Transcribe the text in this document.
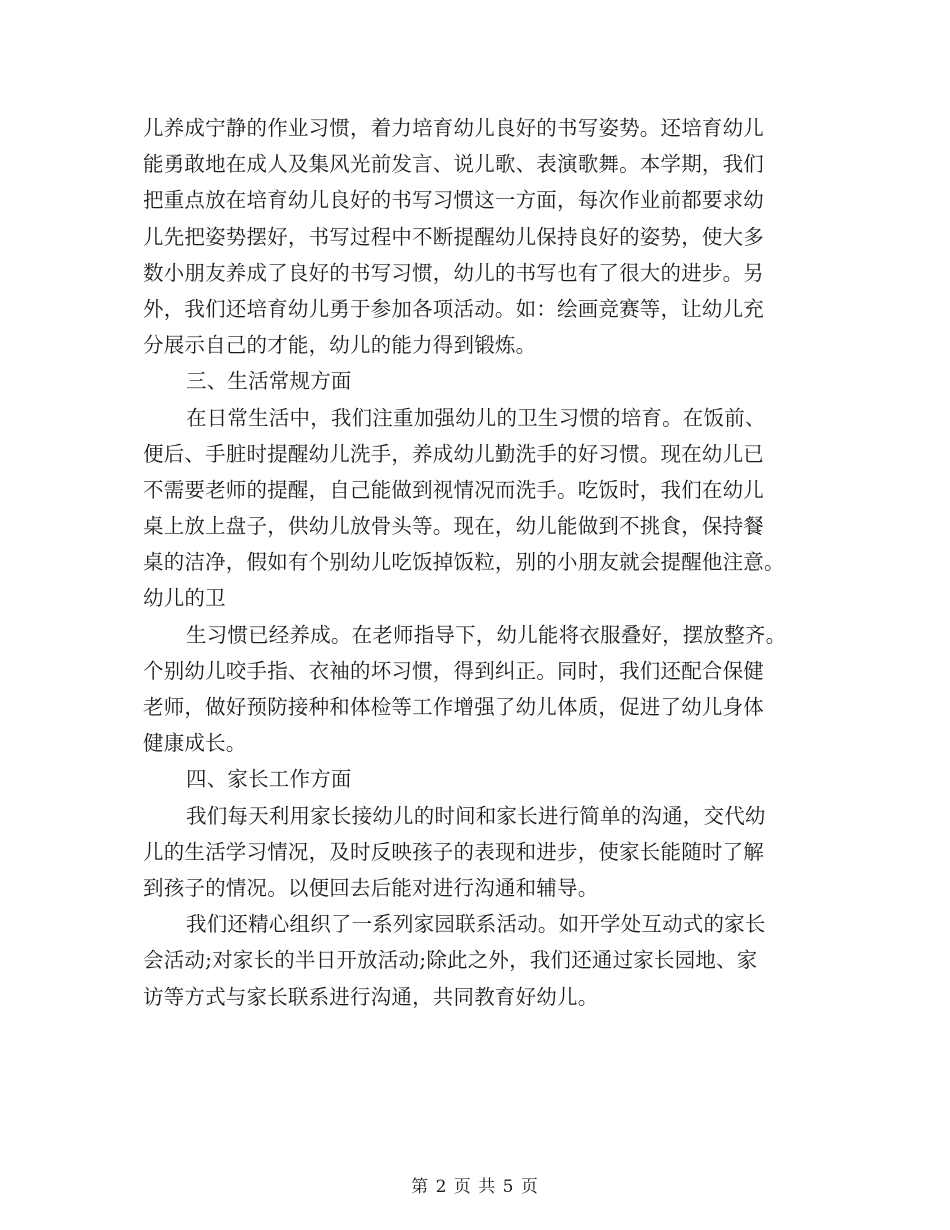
儿养成宁静的作业习惯，着力培育幼儿良好的书写姿势。还培育幼儿
能勇敢地在成人及集风光前发言、说儿歌、表演歌舞。本学期，我们
把重点放在培育幼儿良好的书写习惯这一方面，每次作业前都要求幼
儿先把姿势摆好，书写过程中不断提醒幼儿保持良好的姿势，使大多
数小朋友养成了良好的书写习惯，幼儿的书写也有了很大的进步。另
外，我们还培育幼儿勇于参加各项活动。如：绘画竞赛等，让幼儿充
分展示自己的才能，幼儿的能力得到锻炼。
三、生活常规方面
在日常生活中，我们注重加强幼儿的卫生习惯的培育。在饭前、
便后、手脏时提醒幼儿洗手，养成幼儿勤洗手的好习惯。现在幼儿已
不需要老师的提醒，自己能做到视情况而洗手。吃饭时，我们在幼儿
桌上放上盘子，供幼儿放骨头等。现在，幼儿能做到不挑食，保持餐
桌的洁净，假如有个别幼儿吃饭掉饭粒，别的小朋友就会提醒他注意。
幼儿的卫
生习惯已经养成。在老师指导下，幼儿能将衣服叠好，摆放整齐。
个别幼儿咬手指、衣袖的坏习惯，得到纠正。同时，我们还配合保健
老师，做好预防接种和体检等工作增强了幼儿体质，促进了幼儿身体
健康成长。
四、家长工作方面
我们每天利用家长接幼儿的时间和家长进行简单的沟通，交代幼
儿的生活学习情况，及时反映孩子的表现和进步，使家长能随时了解
到孩子的情况。以便回去后能对进行沟通和辅导。
我们还精心组织了一系列家园联系活动。如开学处互动式的家长
会活动;对家长的半日开放活动;除此之外，我们还通过家长园地、家
访等方式与家长联系进行沟通，共同教育好幼儿。
第 2 页 共 5 页
